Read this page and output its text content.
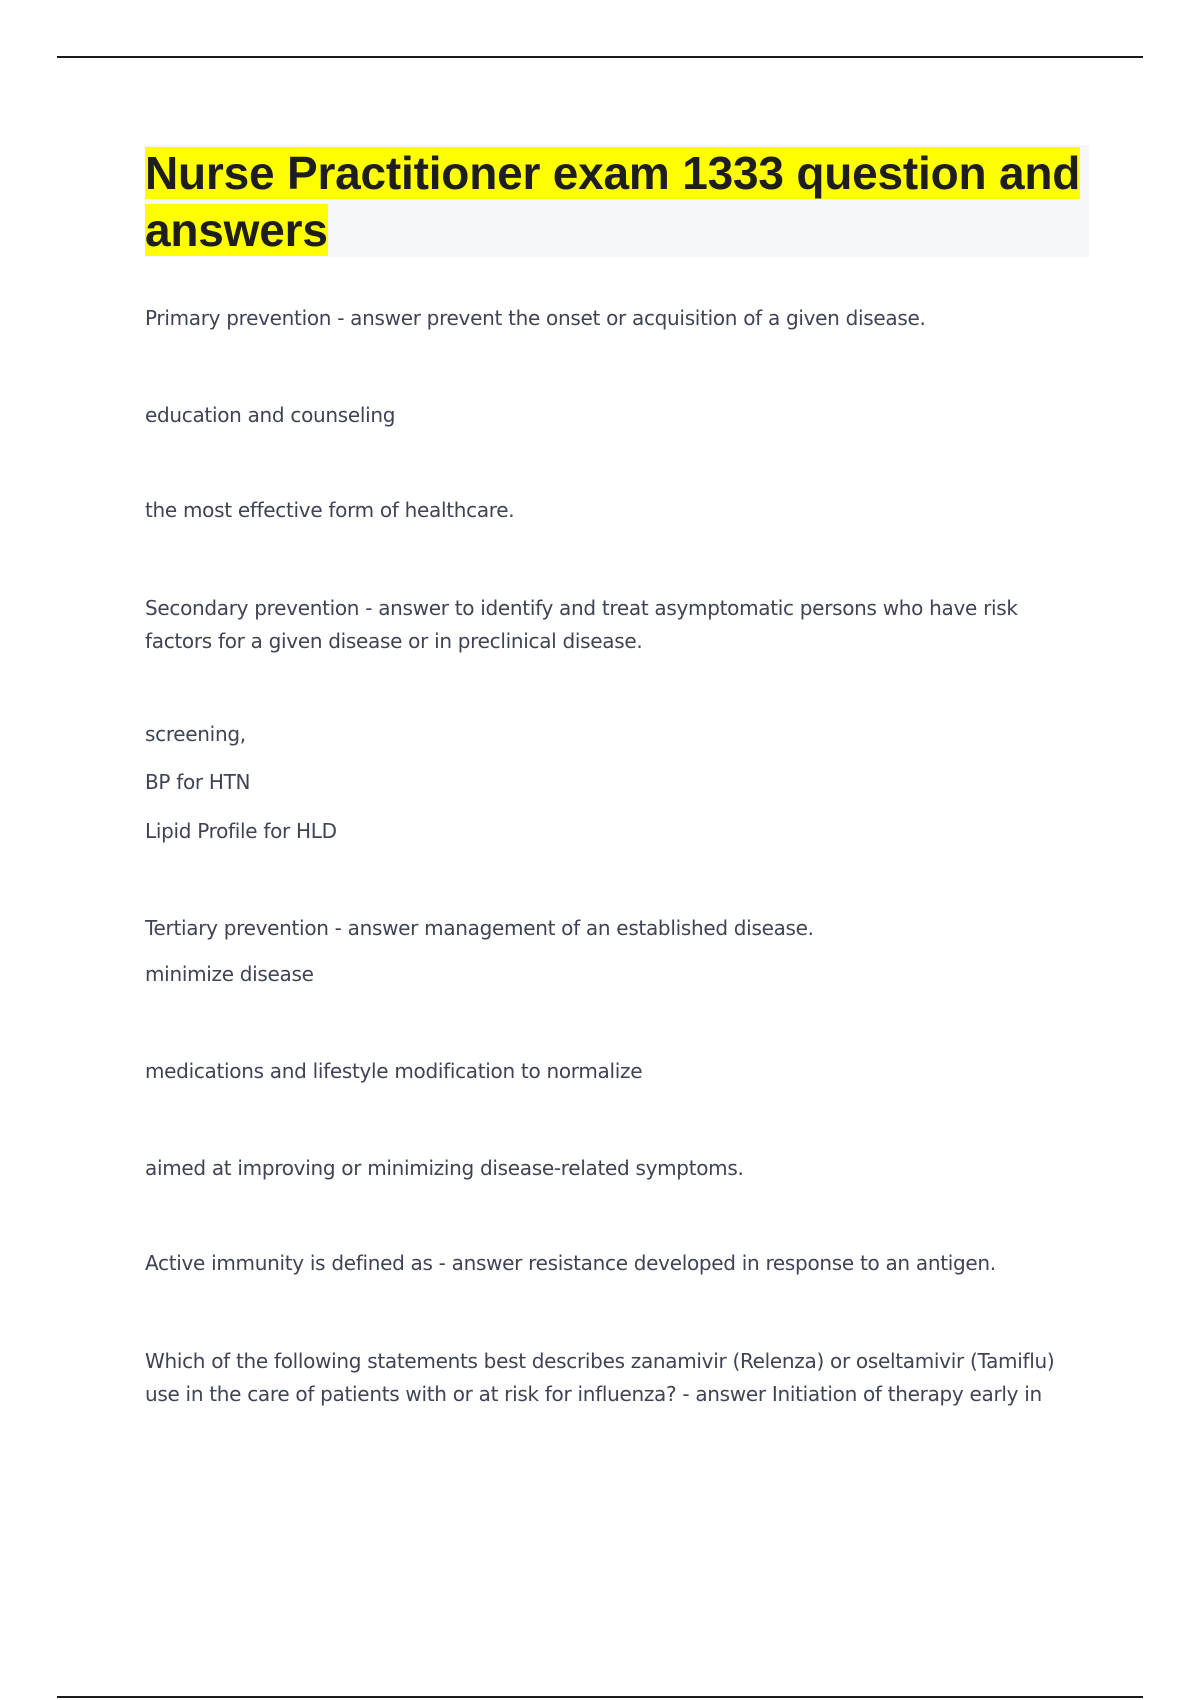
Nurse Practitioner exam 1333 question and answers

Primary prevention - answer prevent the onset or acquisition of a given disease.

education and counseling

the most effective form of healthcare.

Secondary prevention - answer to identify and treat asymptomatic persons who have risk factors for a given disease or in preclinical disease.

screening,

BP for HTN

Lipid Profile for HLD

Tertiary prevention - answer management of an established disease.

minimize disease

medications and lifestyle modification to normalize

aimed at improving or minimizing disease-related symptoms.

Active immunity is defined as - answer resistance developed in response to an antigen.

Which of the following statements best describes zanamivir (Relenza) or oseltamivir (Tamiflu) use in the care of patients with or at risk for influenza? - answer Initiation of therapy early in
